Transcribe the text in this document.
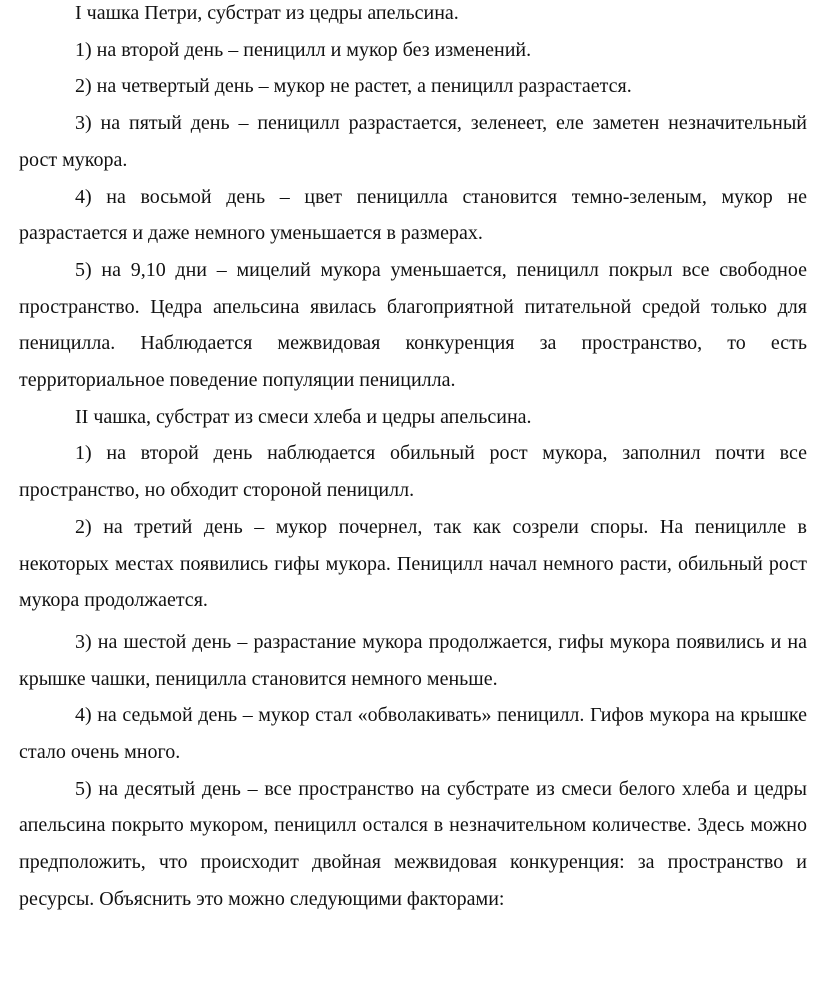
I чашка Петри, субстрат из цедры апельсина.

1) на второй день – пеницилл и мукор без изменений.

2) на четвертый день – мукор не растет, а пеницилл разрастается.

3) на пятый день – пеницилл разрастается, зеленеет, еле заметен незначительный рост мукора.

4) на восьмой день – цвет пеницилла становится темно-зеленым, мукор не разрастается и даже немного уменьшается в размерах.

5) на 9,10 дни – мицелий мукора уменьшается, пеницилл покрыл все свободное пространство. Цедра апельсина явилась благоприятной питательной средой только для пеницилла. Наблюдается межвидовая конкуренция за пространство, то есть территориальное поведение популяции пеницилла.

II чашка, субстрат из смеси хлеба и цедры апельсина.

1) на второй день наблюдается обильный рост мукора, заполнил почти все пространство, но обходит стороной пеницилл.

2) на третий день – мукор почернел, так как созрели споры. На пеницилле в некоторых местах появились гифы мукора. Пеницилл начал немного расти, обильный рост мукора продолжается.

3) на шестой день – разрастание мукора продолжается, гифы мукора появились и на крышке чашки, пеницилла становится немного меньше.

4) на седьмой день – мукор стал «обволакивать» пеницилл. Гифов мукора на крышке стало очень много.

5) на десятый день – все пространство на субстрате из смеси белого хлеба и цедры апельсина покрыто мукором, пеницилл остался в незначительном количестве. Здесь можно предположить, что происходит двойная межвидовая конкуренция: за пространство и ресурсы. Объяснить это можно следующими факторами:
